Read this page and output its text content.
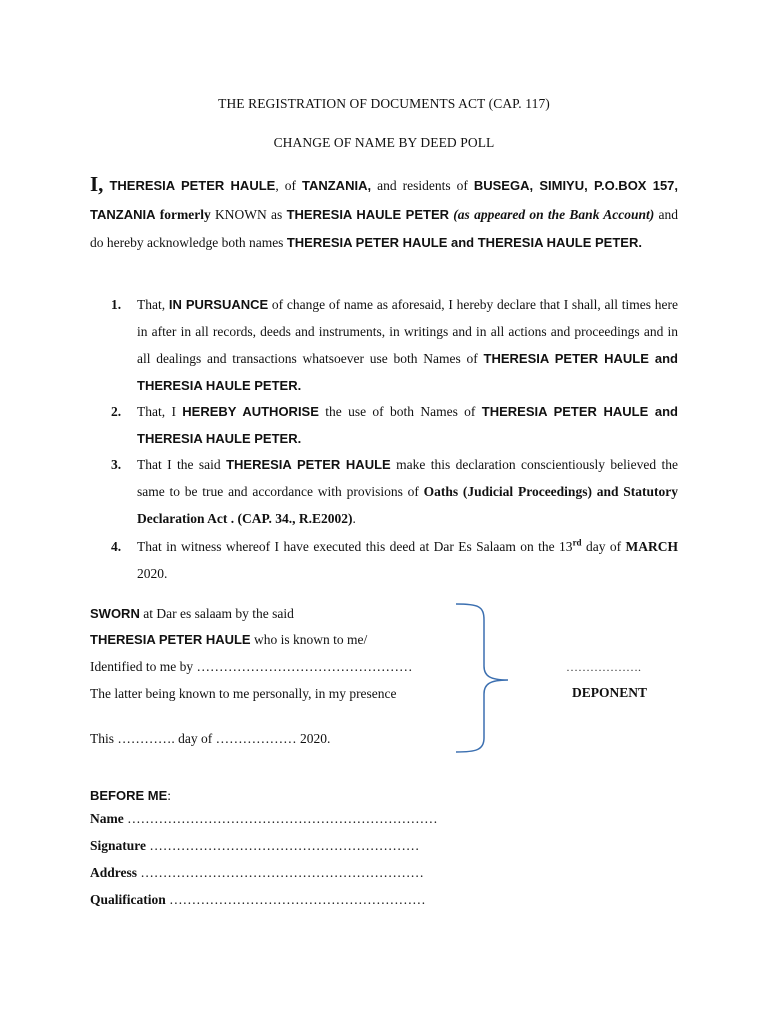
THE REGISTRATION OF DOCUMENTS ACT (CAP. 117)
CHANGE OF NAME BY DEED POLL
I, THERESIA PETER HAULE, of TANZANIA, and residents of BUSEGA, SIMIYU, P.O.BOX 157, TANZANIA formerly KNOWN as THERESIA HAULE PETER (as appeared on the Bank Account) and do hereby acknowledge both names THERESIA PETER HAULE and THERESIA HAULE PETER.
1.	That, IN PURSUANCE of change of name as aforesaid, I hereby declare that I shall, all times here in after in all records, deeds and instruments, in writings and in all actions and proceedings and in all dealings and transactions whatsoever use both Names of THERESIA PETER HAULE and THERESIA HAULE PETER.
2.	That, I HEREBY AUTHORISE the use of both Names of THERESIA PETER HAULE and THERESIA HAULE PETER.
3.	That I the said THERESIA PETER HAULE make this declaration conscientiously believed the same to be true and accordance with provisions of Oaths (Judicial Proceedings) and Statutory Declaration Act . (CAP. 34., R.E2002).
4.	That in witness whereof I have executed this deed at Dar Es Salaam on the 13rd day of MARCH 2020.
SWORN at Dar es salaam by the said
THERESIA PETER HAULE who is known to me/
Identified to me by …………………………………………
The latter being known to me personally, in my presence
This …………. day of ……………… 2020.
……………….
DEPONENT
BEFORE ME:
Name ……………………………………………………………
Signature ……………………………………………………
Address ………………………………………………………
Qualification …………………………………………………
